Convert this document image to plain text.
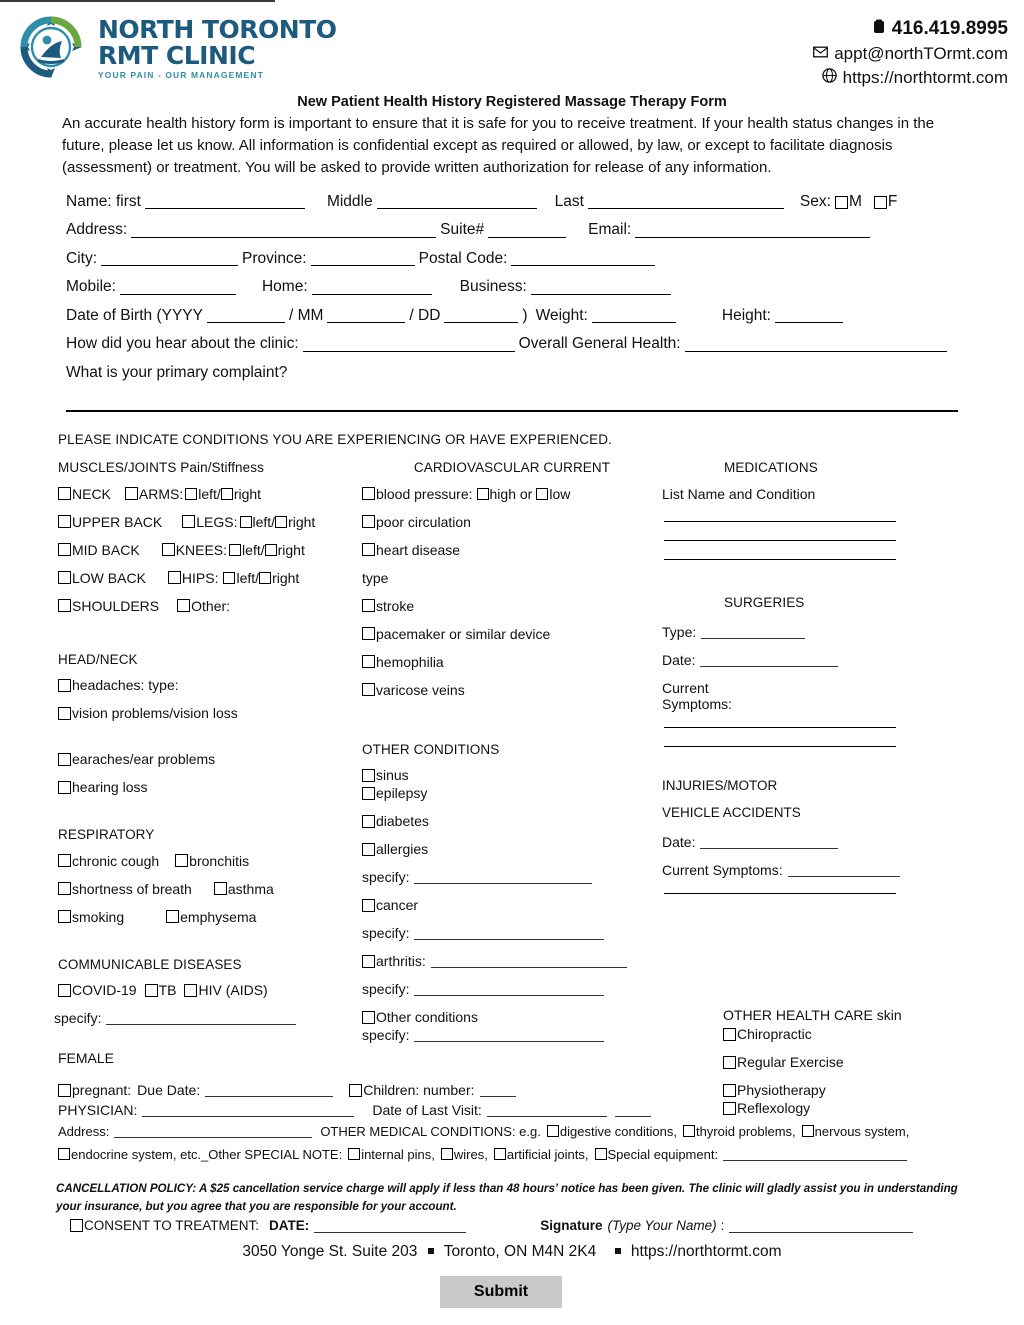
NORTH TORONTO
RMT CLINIC
YOUR PAIN - OUR MANAGEMENT
416.419.8995
appt@northTOrmt.com
https://northtormt.com
New Patient Health History Registered Massage Therapy Form
An accurate health history form is important to ensure that it is safe for you to receive treatment. If your health status changes in the future, please let us know. All information is confidential except as required or allowed, by law, or except to facilitate diagnosis (assessment) or treatment. You will be asked to provide written authorization for release of any information.
Name: first	Middle	Last	Sex: M F
Address:	Suite#	Email:
City:	Province:	Postal Code:
Mobile:	Home:	Business:
Date of Birth (YYYY	/ MM	/ DD	) Weight:	Height:
How did you hear about the clinic:	Overall General Health:
What is your primary complaint?
PLEASE INDICATE CONDITIONS YOU ARE EXPERIENCING OR HAVE EXPERIENCED.
MUSCLES/JOINTS Pain/Stiffness
NECK ARMS: left/ right
UPPER BACK LEGS: left/ right
MID BACK	KNEES: left/ right
LOW BACK	HIPS: left/ right
SHOULDERS Other:
HEAD/NECK
headaches: type:
vision problems/vision loss
earaches/ear problems
hearing loss
RESPIRATORY
chronic cough bronchitis
shortness of breath	asthma
smoking	emphysema
COMMUNICABLE DISEASES
COVID-19 TB HIV (AIDS)
specify:
CARDIOVASCULAR CURRENT
blood pressure: high or low
poor circulation
heart disease
type
stroke
pacemaker or similar device
hemophilia
varicose veins
OTHER CONDITIONS
sinus
epilepsy
diabetes
allergies
specify:
cancer
specify:
arthritis:
specify:
Other conditions
specify:
MEDICATIONS
List Name and Condition
SURGERIES
Type:
Date:
Current
Symptoms:
INJURIES/MOTOR
VEHICLE ACCIDENTS
Date:
Current Symptoms:
OTHER HEALTH CARE skin
Chiropractic
Regular Exercise
Physiotherapy
Reflexology
FEMALE
pregnant: Due Date:	Children: number:
PHYSICIAN:	Date of Last Visit:
Address:	OTHER MEDICAL CONDITIONS: e.g. digestive conditions, thyroid problems, nervous system,
endocrine system, etc._Other SPECIAL NOTE: internal pins, wires, artificial joints, Special equipment:
CANCELLATION POLICY: A $25 cancellation service charge will apply if less than 48 hours’ notice has been given. The clinic will gladly assist you in understanding your insurance, but you agree that you are responsible for your account.
CONSENT TO TREATMENT: DATE:	Signature (Type Your Name) :
3050 Yonge St. Suite 203 Toronto, ON M4N 2K4 https://northtormt.com
Submit
